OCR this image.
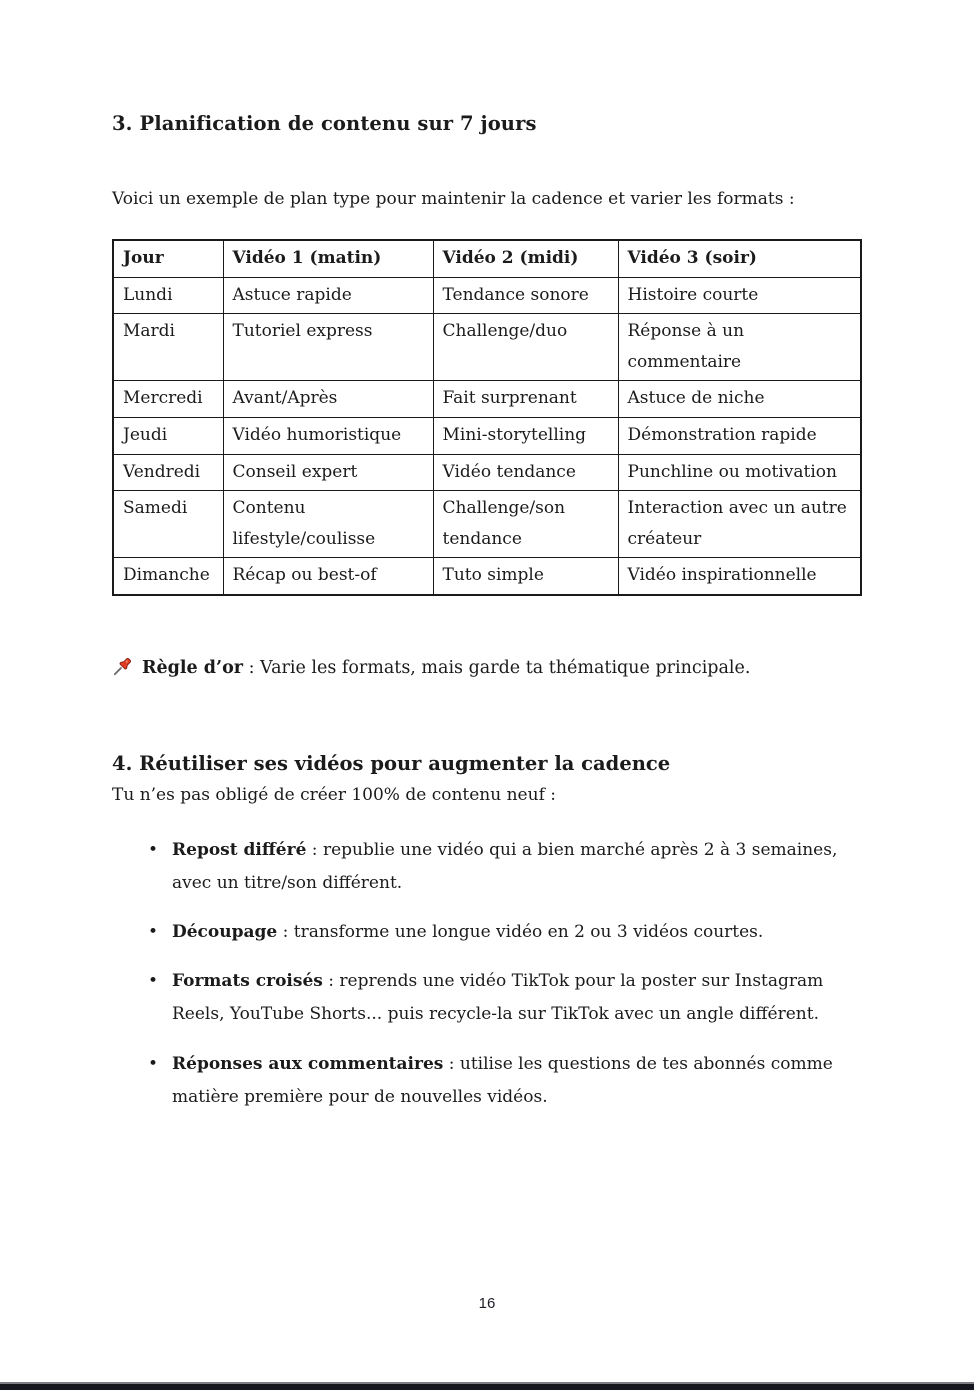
3. Planification de contenu sur 7 jours

Voici un exemple de plan type pour maintenir la cadence et varier les formats :

Jour	Vidéo 1 (matin)	Vidéo 2 (midi)	Vidéo 3 (soir)
Lundi	Astuce rapide	Tendance sonore	Histoire courte
Mardi	Tutoriel express	Challenge/duo	Réponse à un commentaire
Mercredi	Avant/Après	Fait surprenant	Astuce de niche
Jeudi	Vidéo humoristique	Mini-storytelling	Démonstration rapide
Vendredi	Conseil expert	Vidéo tendance	Punchline ou motivation
Samedi	Contenu lifestyle/coulisse	Challenge/son tendance	Interaction avec un autre créateur
Dimanche	Récap ou best-of	Tuto simple	Vidéo inspirationnelle

Règle d’or : Varie les formats, mais garde ta thématique principale.

4. Réutiliser ses vidéos pour augmenter la cadence

Tu n’es pas obligé de créer 100% de contenu neuf :

• Repost différé : republie une vidéo qui a bien marché après 2 à 3 semaines, avec un titre/son différent.
• Découpage : transforme une longue vidéo en 2 ou 3 vidéos courtes.
• Formats croisés : reprends une vidéo TikTok pour la poster sur Instagram Reels, YouTube Shorts... puis recycle-la sur TikTok avec un angle différent.
• Réponses aux commentaires : utilise les questions de tes abonnés comme matière première pour de nouvelles vidéos.
16
